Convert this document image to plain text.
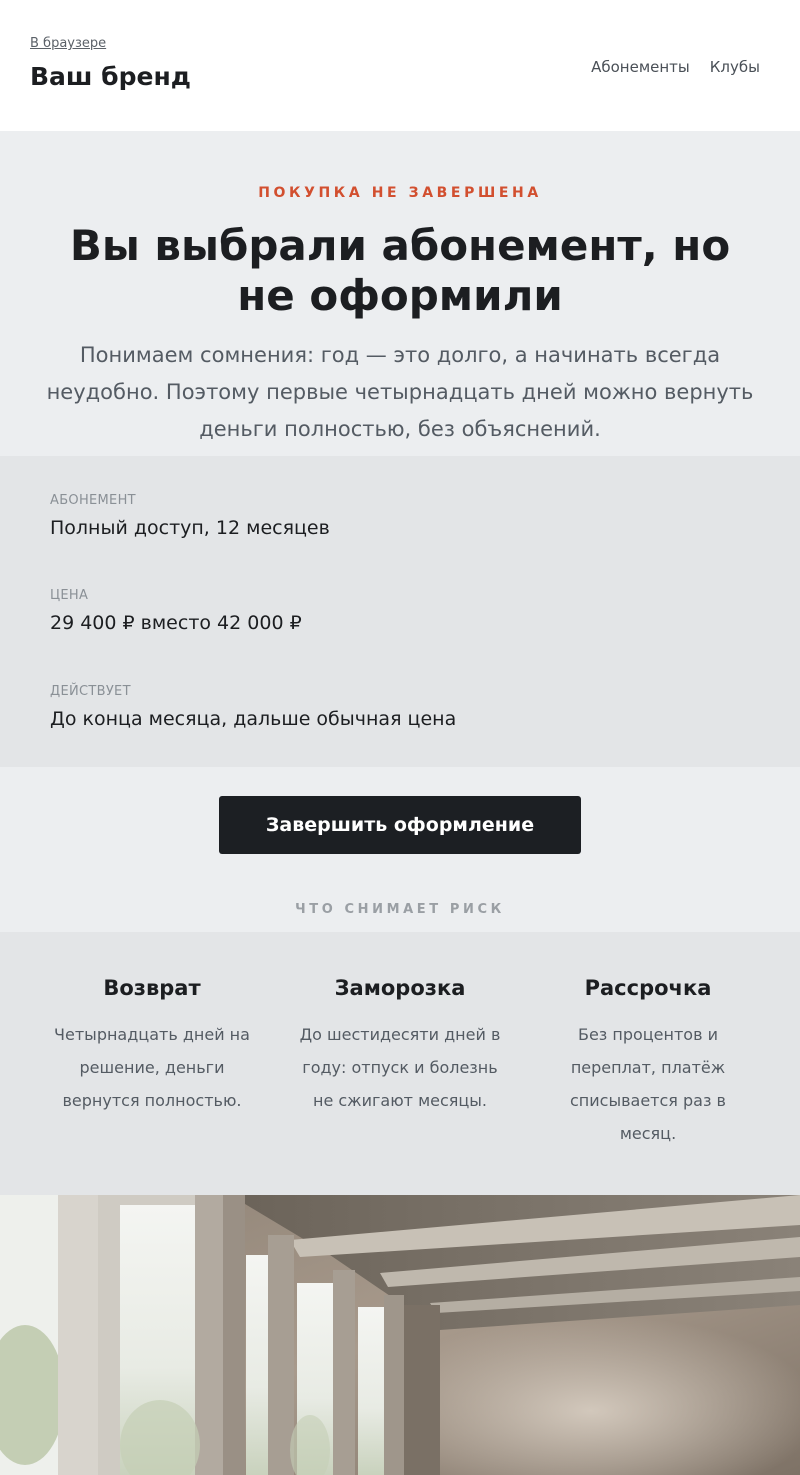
В браузере
Ваш бренд	Абонементы Клубы
ПОКУПКА НЕ ЗАВЕРШЕНА
Вы выбрали абонемент, но не оформили
Понимаем сомнения: год — это долго, а начинать всегда неудобно. Поэтому первые четырнадцать дней можно вернуть деньги полностью, без объяснений.
АБОНЕМЕНТ
Полный доступ, 12 месяцев
ЦЕНА
29 400 ₽ вместо 42 000 ₽
ДЕЙСТВУЕТ
До конца месяца, дальше обычная цена
Завершить оформление
ЧТО СНИМАЕТ РИСК
Возврат
Четырнадцать дней на решение, деньги вернутся полностью.
Заморозка
До шестидесяти дней в году: отпуск и болезнь не сжигают месяцы.
Рассрочка
Без процентов и переплат, платёж списывается раз в месяц.
